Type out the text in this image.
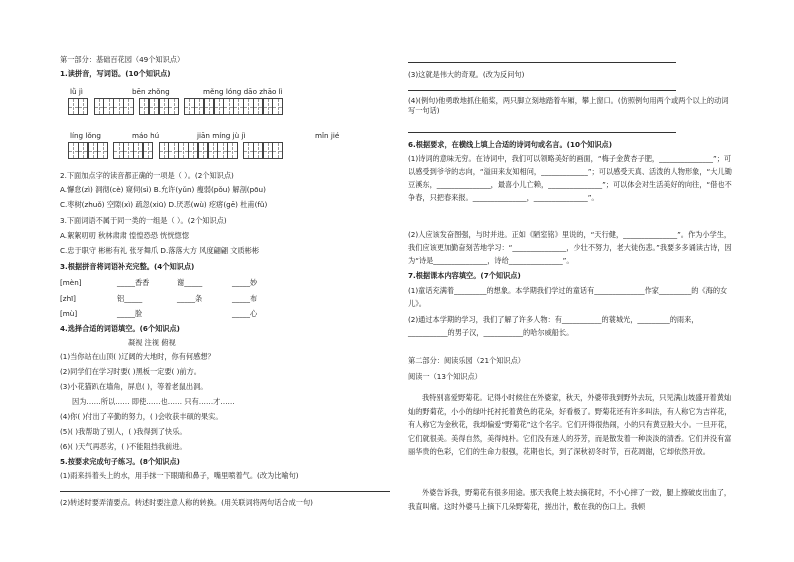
第一部分：基础百花园（49个知识点）
1.读拼音，写词语。(10个知识点)
lǜ jì	bēn zhǒng	měng lóng dāo zhāo lì
líng lǒng	máo hú	jiān míng jù jì	mǐn jié
2.下面加点字的读音都正确的一项是（ ）。(2个知识点)
A.懈怠(zì) 洞彻(cè) 窥伺(sì) B.允许(yǔn) 瘦弱(pǒu) 解剖(pōu)
C.枣树(zhuǒ) 空隙(xì) 疏忽(xiū) D.厌恶(wù) 疙瘩(gē) 杜甫(fǔ)
3.下面词语不属于同一类的一组是（ ）。(2个知识点)
A.絮絮叨叨 秋林肃肃 惶惶恐恐 恍恍惚惚
C.忠于职守 彬彬有礼 张牙舞爪 D.落落大方 风度翩翩 文质彬彬
3.根据拼音将词语补充完整。(4个知识点)
[mèn]	_____香香	谢_____	_____妙
[zhī]	铝_____	_____条	_____布
[mù]	_____脸	_____心
4.选择合适的词语填空。(6个知识点)
凝视 注视 俯视
(1)当你站在山顶( )辽阔的大地时，你有何感想？
(2)同学们在学习时要( )黑板一定要( )前方。
(3)小花猫趴在墙角，屏息( )，等着老鼠出洞。
因为……所以…… 即使……也…… 只有……才……
(4)你( )付出了辛勤的努力，( )会收获丰硕的果实。
(5)( )我帮助了别人，( )我得到了快乐。
(6)( )天气再恶劣，( )不能阻挡我前进。
5.按要求完成句子练习。(8个知识点)
(1)雨来抖着头上的水，用手抹一下眼睛和鼻子，嘴里喷着气。(改为比喻句)
(2)转述时要弄清要点。转述时要注意人称的转换。(用关联词将两句话合成一句)
(3)这就是伟大的奇观。(改为反问句)
(4)(例句)他勇敢地抓住船桨，两只脚立刻地踏着车厢，攀上窗口。(仿照例句用两个或两个以上的动词写一句话)
6.根据要求，在横线上填上合适的诗词句或名言。(10个知识点)
(1)诗词的意味无穷。在诗词中，我们可以领略美好的画面，“梅子金黄杏子肥，_______________”；可以感受到爷爷的志向，“溢田来友知相问，_____________”；可以感受天真、活泼的人物形象，“大儿锄豆溪东，_______________，最喜小儿亡赖，_______________”；可以体会对生活美好的向往，“借也不争春，只把春来报。_______________，_______________”。
(2)人应该发奋图强，与时并进。正如《陋室铭》里说的，“天行健，_______________”。作为小学生，我们应该更加勤奋刻苦地学习：“_______________，少壮不努力，老大徒伤悲。”我要多多诵读古诗，因为“诗是_______________，诗给_______________”。
7.根据课本内容填空。(7个知识点)
(1)童话充满着_________的想象。本学期我们学过的童话有______________作家_________的《海的女儿》。
(2)通过本学期的学习，我们了解了许多人物：有___________的蓑城光，_________的雨来，___________的男子汉，___________的哈尔威船长。
第二部分：阅读乐园（21个知识点）
阅读一（13个知识点）
我特别喜爱野菊花。记得小时候住在外婆家，秋天，外婆带我到野外去玩，只见满山坡盛开着黄灿灿的野菊花，小小的绿叶托衬托着黄色的花朵，好看极了。野菊花还有许多叫法，有人称它为吉祥花，有人称它为金秋花，我却偏爱“野菊花”这个名字。它们开得很热闹，小的只有黄豆般大小。一旦开花，它们就很美。美得自然，美得纯朴。它们没有迷人的芬芳，而是散发着一种淡淡的清香。它们并没有富丽华贵的色彩，它们的生命力很强，花期也长，到了深秋初冬时节，百花凋谢，它却依然开放。
外婆告诉我，野菊花有很多用途。那天我爬上坡去摘花时，不小心摔了一跤，腿上擦破皮出血了，我直叫痛。这时外婆马上摘下几朵野菊花，搓出汁，敷在我的伤口上。我顿
